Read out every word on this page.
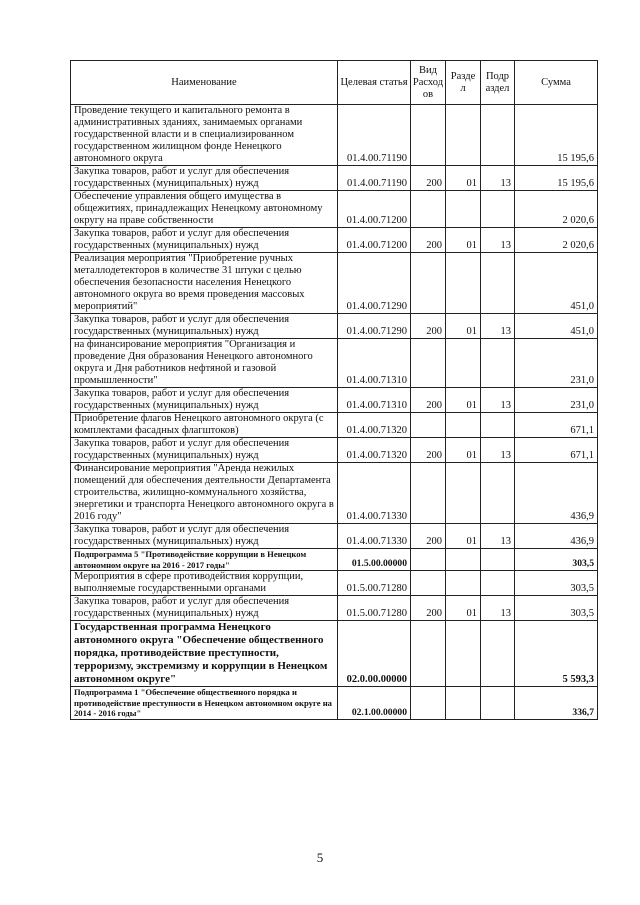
Наименование	Целевая статья	Вид Расход ов	Разде л	Подр аздел	Сумма
Проведение текущего и капитального ремонта в административных зданиях, занимаемых органами государственной власти и в специализированном государственном жилищном фонде Ненецкого автономного округа	01.4.00.71190				15 195,6
Закупка товаров, работ и услуг для обеспечения государственных (муниципальных) нужд	01.4.00.71190	200	01	13	15 195,6
Обеспечение управления общего имущества в общежитиях, принадлежащих Ненецкому автономному округу на праве собственности	01.4.00.71200				2 020,6
Закупка товаров, работ и услуг для обеспечения государственных (муниципальных) нужд	01.4.00.71200	200	01	13	2 020,6
Реализация мероприятия "Приобретение ручных металлодетекторов в количестве 31 штуки с целью обеспечения безопасности населения Ненецкого автономного округа во время проведения массовых мероприятий"	01.4.00.71290				451,0
Закупка товаров, работ и услуг для обеспечения государственных (муниципальных) нужд	01.4.00.71290	200	01	13	451,0
на финансирование мероприятия "Организация и проведение Дня образования Ненецкого автономного округа и Дня работников нефтяной и газовой промышленности"	01.4.00.71310				231,0
Закупка товаров, работ и услуг для обеспечения государственных (муниципальных) нужд	01.4.00.71310	200	01	13	231,0
Приобретение флагов Ненецкого автономного округа (с комплектами фасадных флагштоков)	01.4.00.71320				671,1
Закупка товаров, работ и услуг для обеспечения государственных (муниципальных) нужд	01.4.00.71320	200	01	13	671,1
Финансирование мероприятия "Аренда нежилых помещений для обеспечения деятельности Департамента строительства, жилищно-коммунального хозяйства, энергетики и транспорта Ненецкого автономного округа в 2016 году"	01.4.00.71330				436,9
Закупка товаров, работ и услуг для обеспечения государственных (муниципальных) нужд	01.4.00.71330	200	01	13	436,9
Подпрограмма 5 "Противодействие коррупции в Ненецком автономном округе на 2016 - 2017 годы"	01.5.00.00000				303,5
Мероприятия в сфере противодействия коррупции, выполняемые государственными органами	01.5.00.71280				303,5
Закупка товаров, работ и услуг для обеспечения государственных (муниципальных) нужд	01.5.00.71280	200	01	13	303,5
Государственная программа Ненецкого автономного округа "Обеспечение общественного порядка, противодействие преступности, терроризму, экстремизму и коррупции в Ненецком автономном округе"	02.0.00.00000				5 593,3
Подпрограмма 1 "Обеспечение общественного порядка и противодействие преступности в Ненецком автономном округе на 2014 - 2016 годы"	02.1.00.00000				336,7
5
